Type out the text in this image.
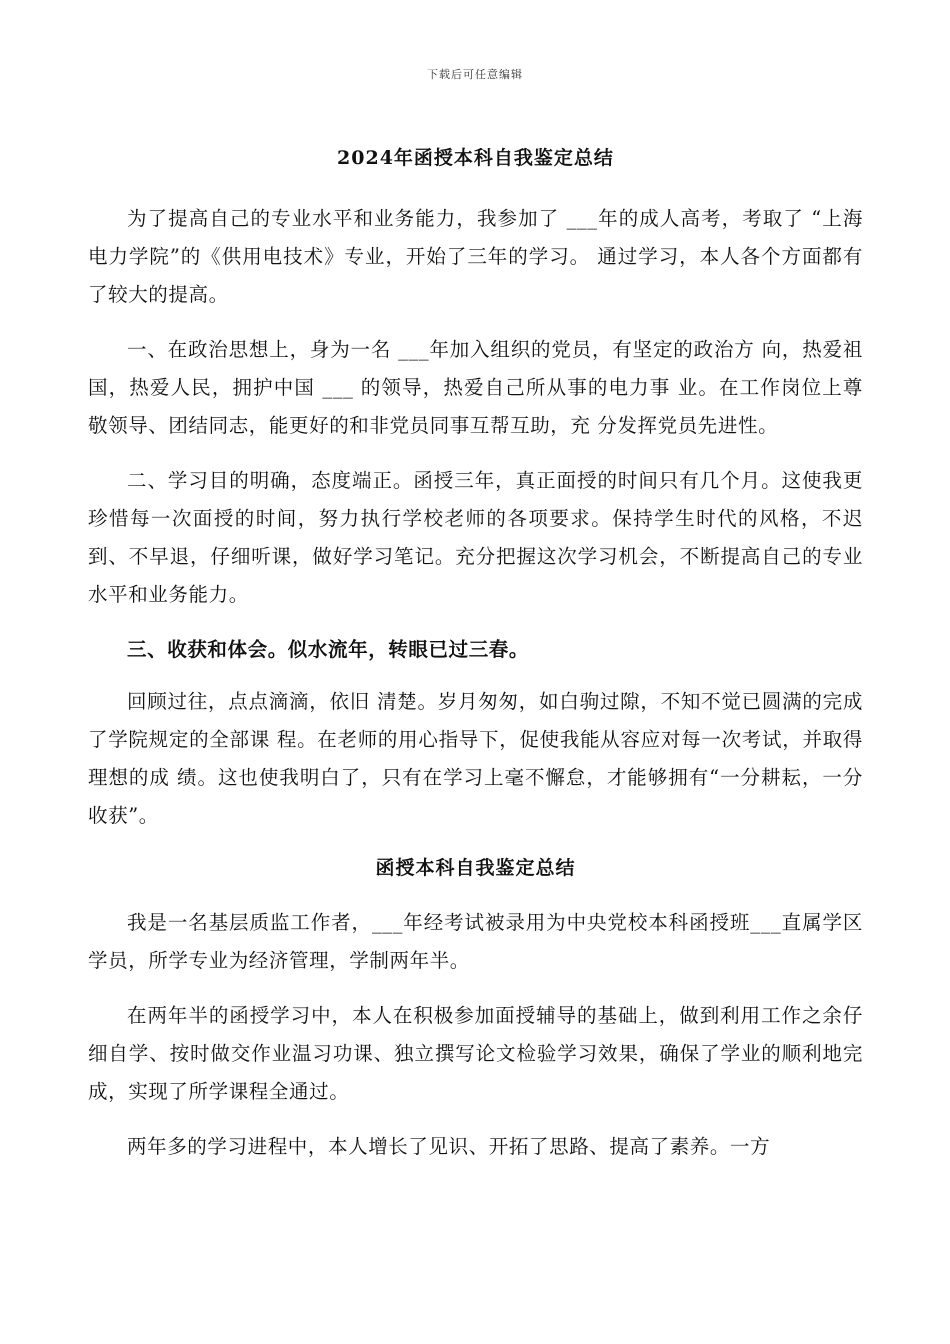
下载后可任意编辑
2024年函授本科自我鉴定总结

为了提高自己的专业水平和业务能力，我参加了 ___年的成人高考，考取了 “上海电力学院”的《供用电技术》专业，开始了三年的学习。 通过学习，本人各个方面都有了较大的提高。

一、在政治思想上，身为一名 ___年加入组织的党员，有坚定的政治方 向，热爱祖国，热爱人民，拥护中国 ___ 的领导，热爱自己所从事的电力事 业。在工作岗位上尊敬领导、团结同志，能更好的和非党员同事互帮互助，充 分发挥党员先进性。

二、学习目的明确，态度端正。函授三年，真正面授的时间只有几个月。这使我更珍惜每一次面授的时间，努力执行学校老师的各项要求。保持学生时代的风格，不迟到、不早退，仔细听课，做好学习笔记。充分把握这次学习机会，不断提高自己的专业水平和业务能力。

三、收获和体会。似水流年，转眼已过三春。

回顾过往，点点滴滴，依旧 清楚。岁月匆匆，如白驹过隙，不知不觉已圆满的完成了学院规定的全部课 程。在老师的用心指导下，促使我能从容应对每一次考试，并取得理想的成 绩。这也使我明白了，只有在学习上毫不懈怠，才能够拥有“一分耕耘，一分 收获”。

函授本科自我鉴定总结

我是一名基层质监工作者，___年经考试被录用为中央党校本科函授班___直属学区学员，所学专业为经济管理，学制两年半。

在两年半的函授学习中，本人在积极参加面授辅导的基础上，做到利用工作之余仔细自学、按时做交作业温习功课、独立撰写论文检验学习效果，确保了学业的顺利地完成，实现了所学课程全通过。

两年多的学习进程中，本人增长了见识、开拓了思路、提高了素养。一方
